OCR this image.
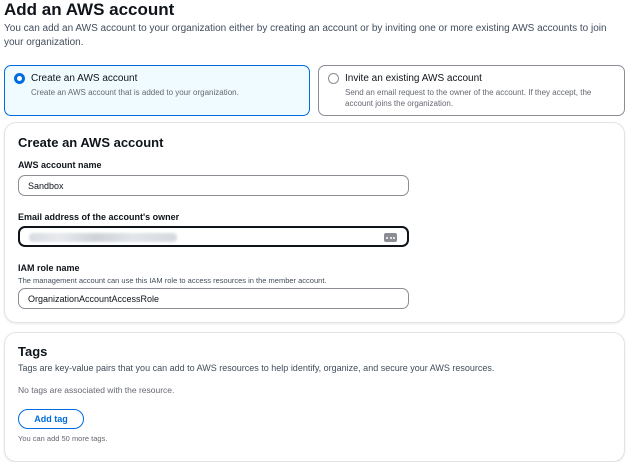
Add an AWS account

You can add an AWS account to your organization either by creating an account or by inviting one or more existing AWS accounts to join your organization.

Create an AWS account
Create an AWS account that is added to your organization.
Invite an existing AWS account
Send an email request to the owner of the account. If they accept, the account joins the organization.
Create an AWS account
AWS account name
Sandbox
Email address of the account's owner
IAM role name
The management account can use this IAM role to access resources in the member account.
OrganizationAccountAccessRole
Tags

Tags are key-value pairs that you can add to AWS resources to help identify, organize, and secure your AWS resources.

No tags are associated with the resource.

Add tag

You can add 50 more tags.
